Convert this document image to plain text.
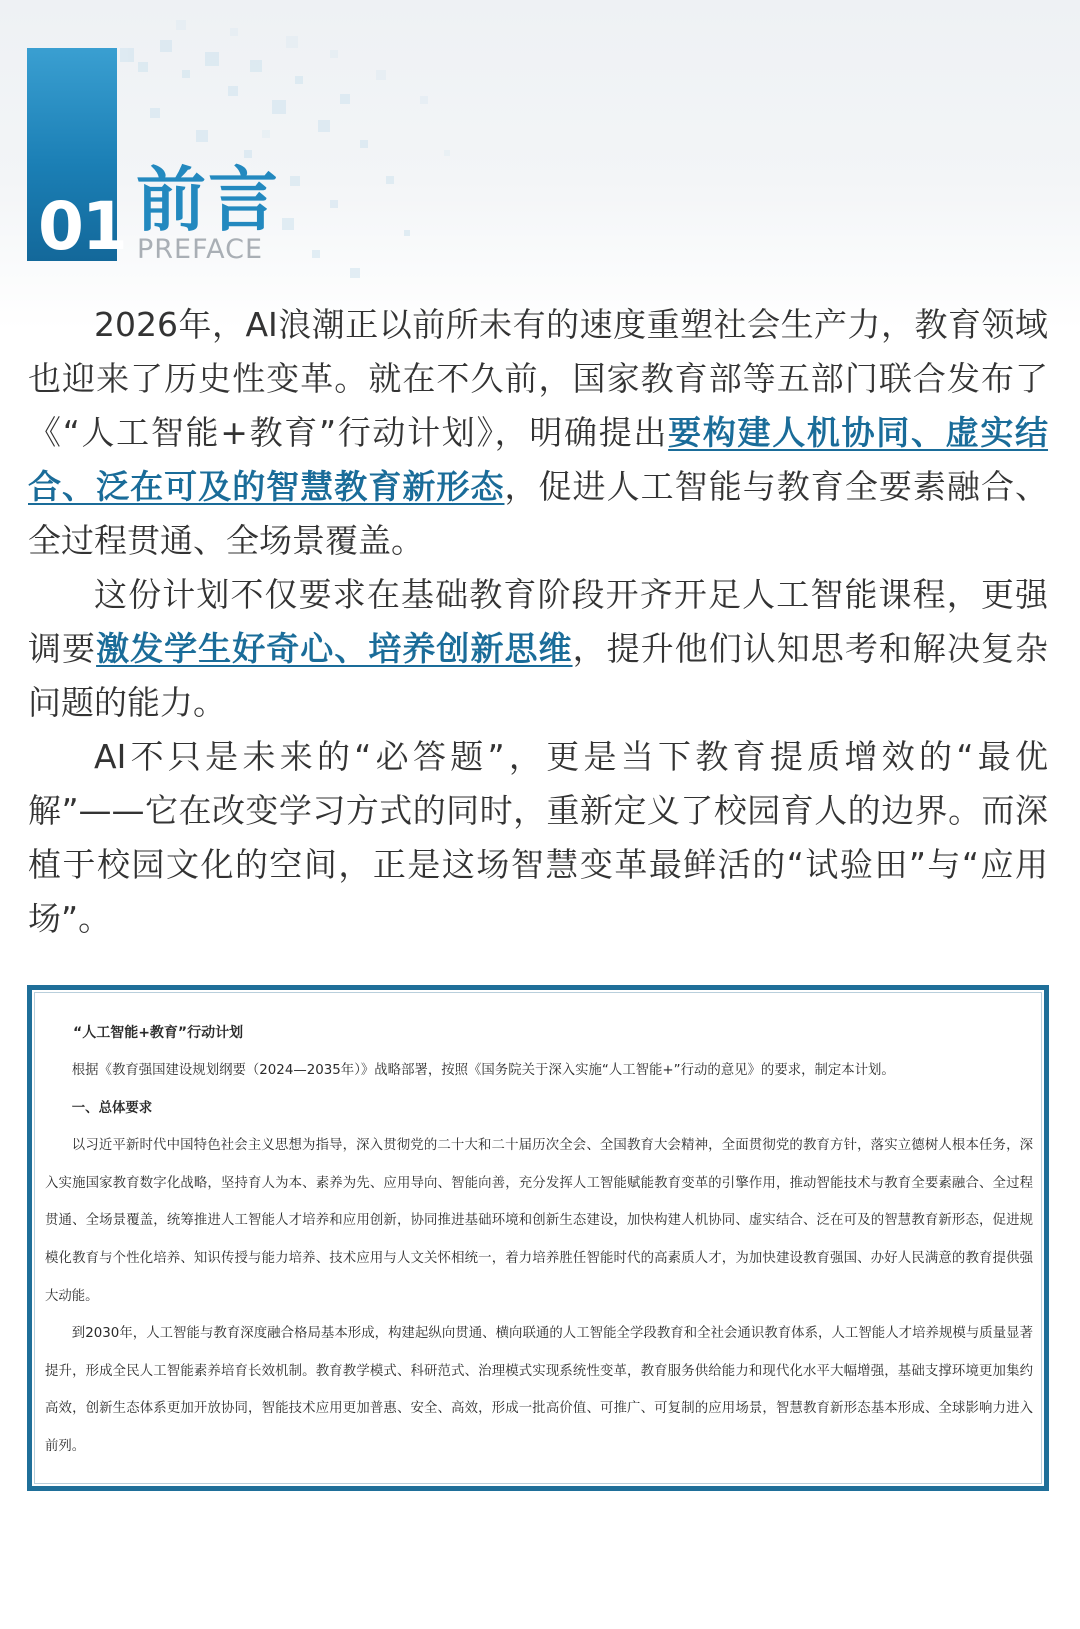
01 前言
PREFACE

2026年，AI浪潮正以前所未有的速度重塑社会生产力，教育领域也迎来了历史性变革。就在不久前，国家教育部等五部门联合发布了《“人工智能+教育”行动计划》，明确提出要构建人机协同、虚实结合、泛在可及的智慧教育新形态，促进人工智能与教育全要素融合、全过程贯通、全场景覆盖。

这份计划不仅要求在基础教育阶段开齐开足人工智能课程，更强调要激发学生好奇心、培养创新思维，提升他们认知思考和解决复杂问题的能力。

AI不只是未来的“必答题”，更是当下教育提质增效的“最优解”——它在改变学习方式的同时，重新定义了校园育人的边界。而深植于校园文化的空间，正是这场智慧变革最鲜活的“试验田”与“应用场”。

“人工智能+教育”行动计划

根据《教育强国建设规划纲要（2024—2035年）》战略部署，按照《国务院关于深入实施“人工智能+”行动的意见》的要求，制定本计划。

一、总体要求

以习近平新时代中国特色社会主义思想为指导，深入贯彻党的二十大和二十届历次全会、全国教育大会精神，全面贯彻党的教育方针，落实立德树人根本任务，深入实施国家教育数字化战略，坚持育人为本、素养为先、应用导向、智能向善，充分发挥人工智能赋能教育变革的引擎作用，推动智能技术与教育全要素融合、全过程贯通、全场景覆盖，统筹推进人工智能人才培养和应用创新，协同推进基础环境和创新生态建设，加快构建人机协同、虚实结合、泛在可及的智慧教育新形态，促进规模化教育与个性化培养、知识传授与能力培养、技术应用与人文关怀相统一，着力培养胜任智能时代的高素质人才，为加快建设教育强国、办好人民满意的教育提供强大动能。

到2030年，人工智能与教育深度融合格局基本形成，构建起纵向贯通、横向联通的人工智能全学段教育和全社会通识教育体系，人工智能人才培养规模与质量显著提升，形成全民人工智能素养培育长效机制。教育教学模式、科研范式、治理模式实现系统性变革，教育服务供给能力和现代化水平大幅增强，基础支撑环境更加集约高效，创新生态体系更加开放协同，智能技术应用更加普惠、安全、高效，形成一批高价值、可推广、可复制的应用场景，智慧教育新形态基本形成、全球影响力进入前列。
